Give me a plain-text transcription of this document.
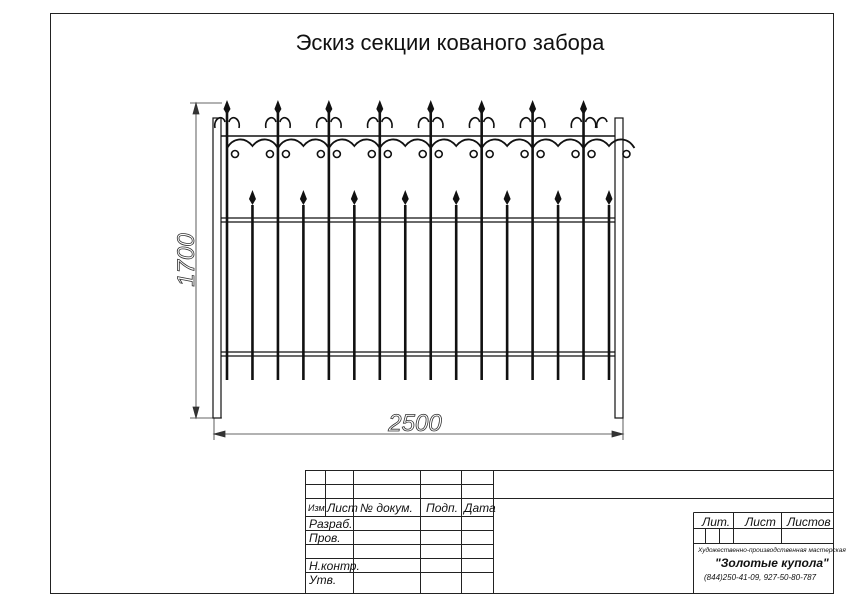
1700
2500
Эскиз секции кованого забора
Изм. Лист № докум. Подп. Дата
Разраб.
Пров.
Н.контр.
Утв.
Лит. Лист Листов
Художественно-производственная мастерская
"Золотые купола"
(844)250-41-09, 927-50-80-787
